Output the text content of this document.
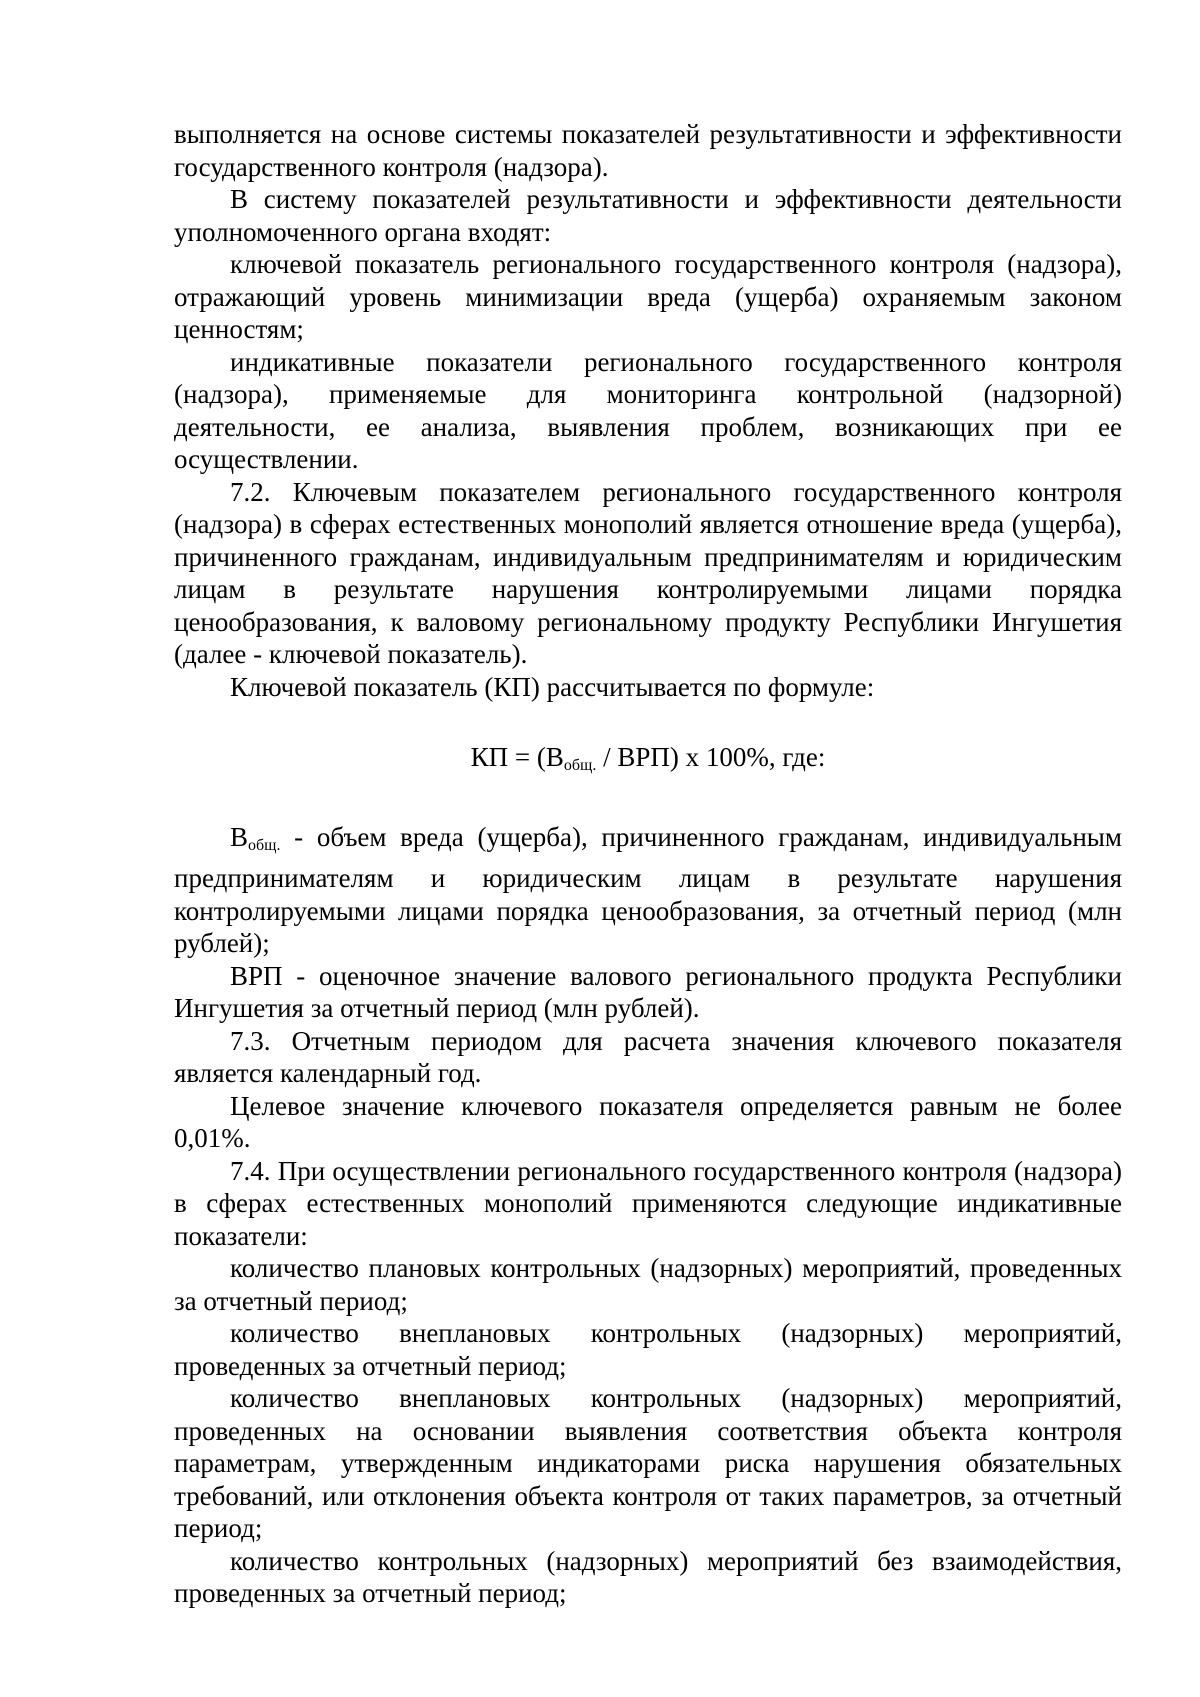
выполняется на основе системы показателей результативности и эффективности государственного контроля (надзора).

В систему показателей результативности и эффективности деятельности уполномоченного органа входят:

ключевой показатель регионального государственного контроля (надзора), отражающий уровень минимизации вреда (ущерба) охраняемым законом ценностям;

индикативные показатели регионального государственного контроля (надзора), применяемые для мониторинга контрольной (надзорной) деятельности, ее анализа, выявления проблем, возникающих при ее осуществлении.

7.2. Ключевым показателем регионального государственного контроля (надзора) в сферах естественных монополий является отношение вреда (ущерба), причиненного гражданам, индивидуальным предпринимателям и юридическим лицам в результате нарушения контролируемыми лицами порядка ценообразования, к валовому региональному продукту Республики Ингушетия (далее - ключевой показатель).

Ключевой показатель (КП) рассчитывается по формуле:

КП = $(В_{общ.} / ВРП)$ х 100%, где:

$В_{общ.}$ - объем вреда (ущерба), причиненного гражданам, индивидуальным предпринимателям и юридическим лицам в результате нарушения контролируемыми лицами порядка ценообразования, за отчетный период (млн рублей);

ВРП - оценочное значение валового регионального продукта Республики Ингушетия за отчетный период (млн рублей).

7.3. Отчетным периодом для расчета значения ключевого показателя является календарный год.

Целевое значение ключевого показателя определяется равным не более 0,01%.

7.4. При осуществлении регионального государственного контроля (надзора) в сферах естественных монополий применяются следующие индикативные показатели:

количество плановых контрольных (надзорных) мероприятий, проведенных за отчетный период;

количество внеплановых контрольных (надзорных) мероприятий, проведенных за отчетный период;

количество внеплановых контрольных (надзорных) мероприятий, проведенных на основании выявления соответствия объекта контроля параметрам, утвержденным индикаторами риска нарушения обязательных требований, или отклонения объекта контроля от таких параметров, за отчетный период;

количество контрольных (надзорных) мероприятий без взаимодействия, проведенных за отчетный период;
